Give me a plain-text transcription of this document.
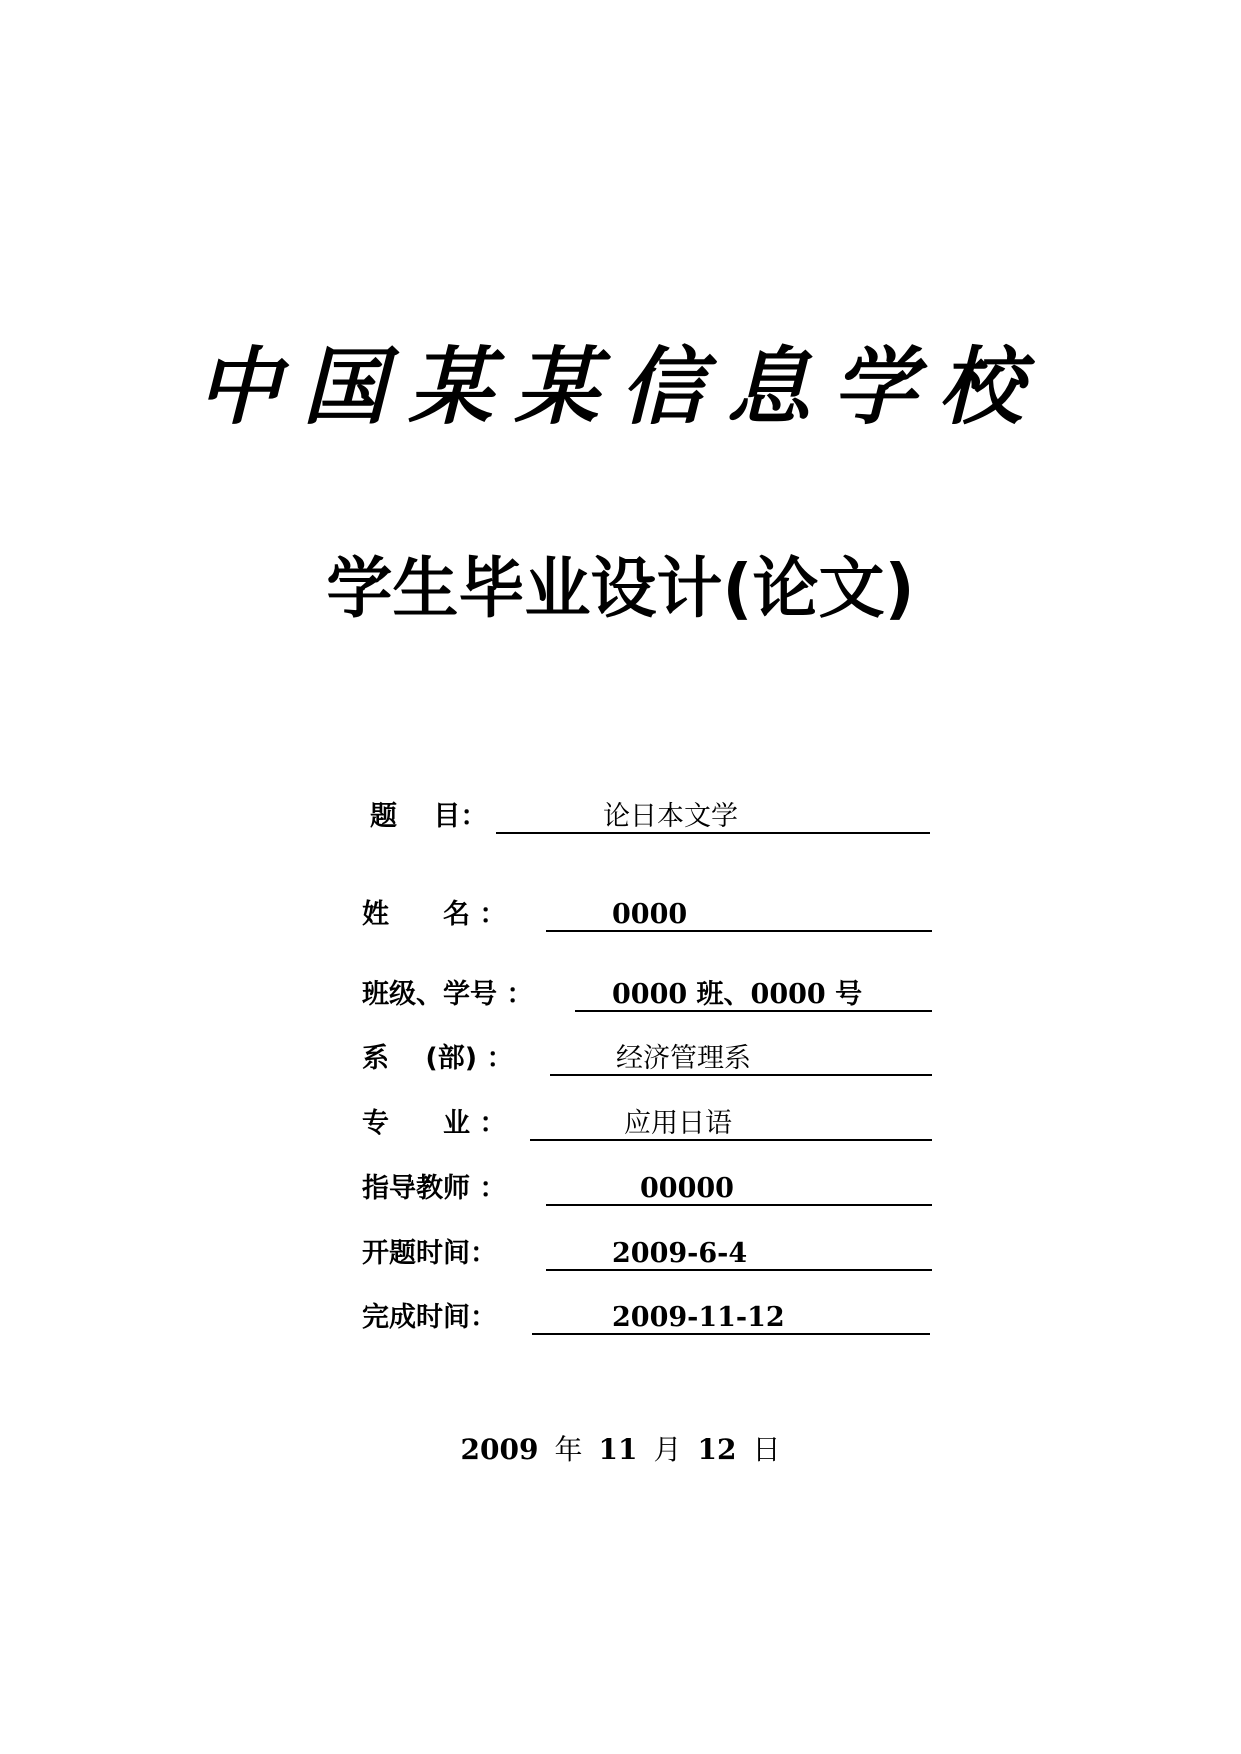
中国某某信息学校
学生毕业设计(论文)
题　 目：	论日本文学
姓　　名 ：	0000
班级、学号 ：	0000 班、0000 号
系　 (部) ：	经济管理系
专　　业 ：	应用日语
指导教师 ：	00000
开题时间：	2009-6-4
完成时间：	2009-11-12
2009 年 11 月 12 日
